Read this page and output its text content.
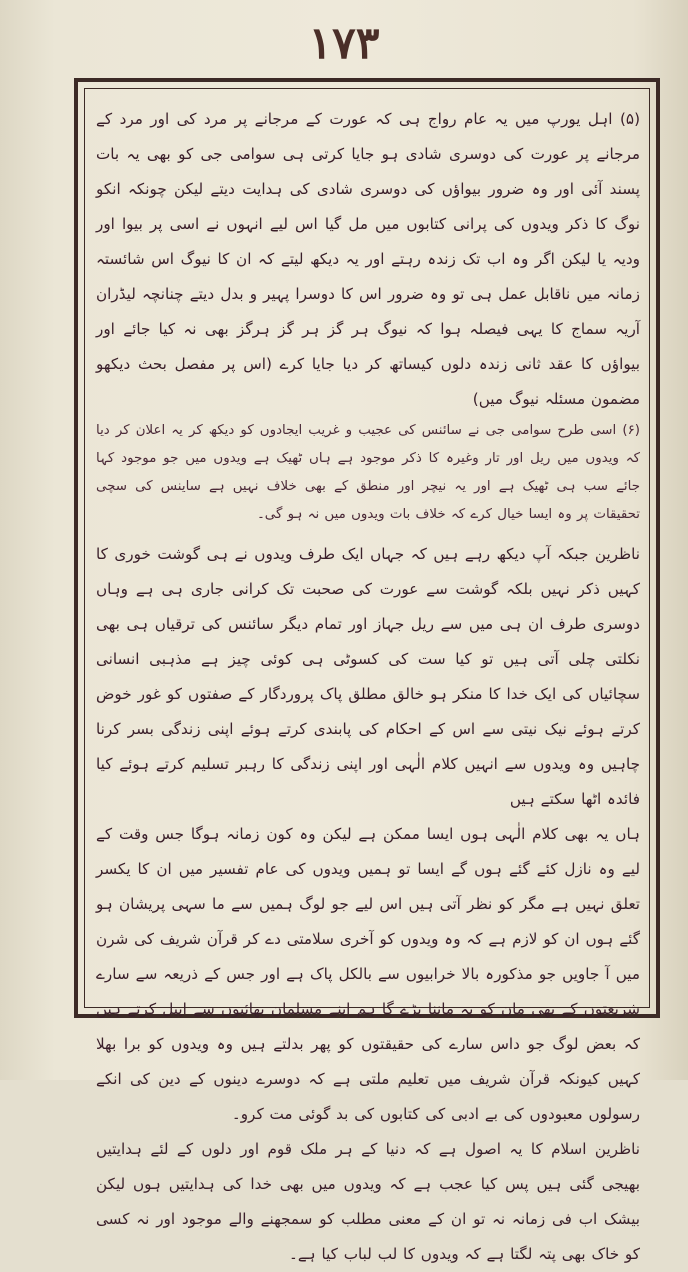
۱۷۳

(۵) اہل یورپ میں یہ عام رواج ہی کہ عورت کے مرجانے پر مرد کی اور مرد کے مرجانے پر عورت کی دوسری شادی ہو جایا کرتی ہی سوامی جی کو بھی یہ بات پسند آئی اور وہ ضرور بیواؤں کی دوسری شادی کی ہدایت دیتے لیکن چونکہ انکو نوگ کا ذکر ویدوں کی پرانی کتابوں میں مل گیا اس لیے انہوں نے اسی پر بیوا اور ودیہ یا لیکن اگر وہ اب تک زندہ رہتے اور یہ دیکھ لیتے کہ ان کا نیوگ اس شائستہ زمانہ میں ناقابل عمل ہی تو وہ ضرور اس کا دوسرا پہیر و بدل دیتے چنانچہ لیڈران آریہ سماج کا یہی فیصلہ ہوا کہ نیوگ ہر گز ہر گز ہرگز بھی نہ کیا جائے اور بیواؤں کا عقد ثانی زندہ دلوں کیساتھ کر دیا جایا کرے (اس پر مفصل بحث دیکھو مضمون مسئلہ نیوگ میں)

(۶) اسی طرح سوامی جی نے سائنس کی عجیب و غریب ایجادوں کو دیکھ کر یہ اعلان کر دیا کہ ویدوں میں ریل اور تار وغیرہ کا ذکر موجود ہے ہاں ٹھیک ہے ویدوں میں جو موجود کہا جائے سب ہی ٹھیک ہے اور یہ نیچر اور منطق کے بھی خلاف نہیں ہے ساینس کی سچی تحقیقات پر وہ ایسا خیال کرے کہ خلاف بات ویدوں میں نہ ہو گی۔

ناظرین جبکہ آپ دیکھ رہے ہیں کہ جہاں ایک طرف ویدوں نے ہی گوشت خوری کا کہیں ذکر نہیں بلکہ گوشت سے عورت کی صحبت تک کرانی جاری ہی ہے وہاں دوسری طرف ان ہی میں سے ریل جہاز اور تمام دیگر سائنس کی ترقیاں ہی بھی نکلتی چلی آتی ہیں تو کیا ست کی کسوٹی ہی کوئی چیز ہے مذہبی انسانی سچائیاں کی ایک خدا کا منکر ہو خالق مطلق پاک پروردگار کے صفتوں کو غور خوض کرتے ہوئے نیک نیتی سے اس کے احکام کی پابندی کرتے ہوئے اپنی زندگی بسر کرنا چاہیں وہ ویدوں سے انہیں کلام الٰہی اور اپنی زندگی کا رہبر تسلیم کرتے ہوئے کیا فائدہ اٹھا سکتے ہیں

ہاں یہ بھی کلام الٰہی ہوں ایسا ممکن ہے لیکن وہ کون زمانہ ہوگا جس وقت کے لیے وہ نازل کئے گئے ہوں گے ایسا تو ہمیں ویدوں کی عام تفسیر میں ان کا یکسر تعلق نہیں ہے مگر کو نظر آتی ہیں اس لیے جو لوگ ہمیں سے ما سہی پریشان ہو گئے ہوں ان کو لازم ہے کہ وہ ویدوں کو آخری سلامتی دے کر قرآن شریف کی شرن میں آ جاویں جو مذکورہ بالا خرابیوں سے بالکل پاک ہے اور جس کے ذریعہ سے سارے شریعتوں کے بھی مان کو یہ ماننا پڑے گا ہم اپنے مسلمان بھائیوں سے اپیل کرتے ہیں کہ بعض لوگ جو داس سارے کی حقیقتوں کو پھر بدلتے ہیں وہ ویدوں کو برا بھلا کہیں کیونکہ قرآن شریف میں تعلیم ملتی ہے کہ دوسرے دینوں کے دین کی انکے رسولوں معبودوں کی بے ادبی کی کتابوں کی بد گوئی مت کرو۔

ناظرین اسلام کا یہ اصول ہے کہ دنیا کے ہر ملک قوم اور دلوں کے لئے ہدایتیں بھیجی گئی ہیں پس کیا عجب ہے کہ ویدوں میں بھی خدا کی ہدایتیں ہوں لیکن بیشک اب فی زمانہ نہ تو ان کے معنی مطلب کو سمجھنے والے موجود اور نہ کسی کو خاک بھی پتہ لگتا ہے کہ ویدوں کا لب لباب کیا ہے۔
